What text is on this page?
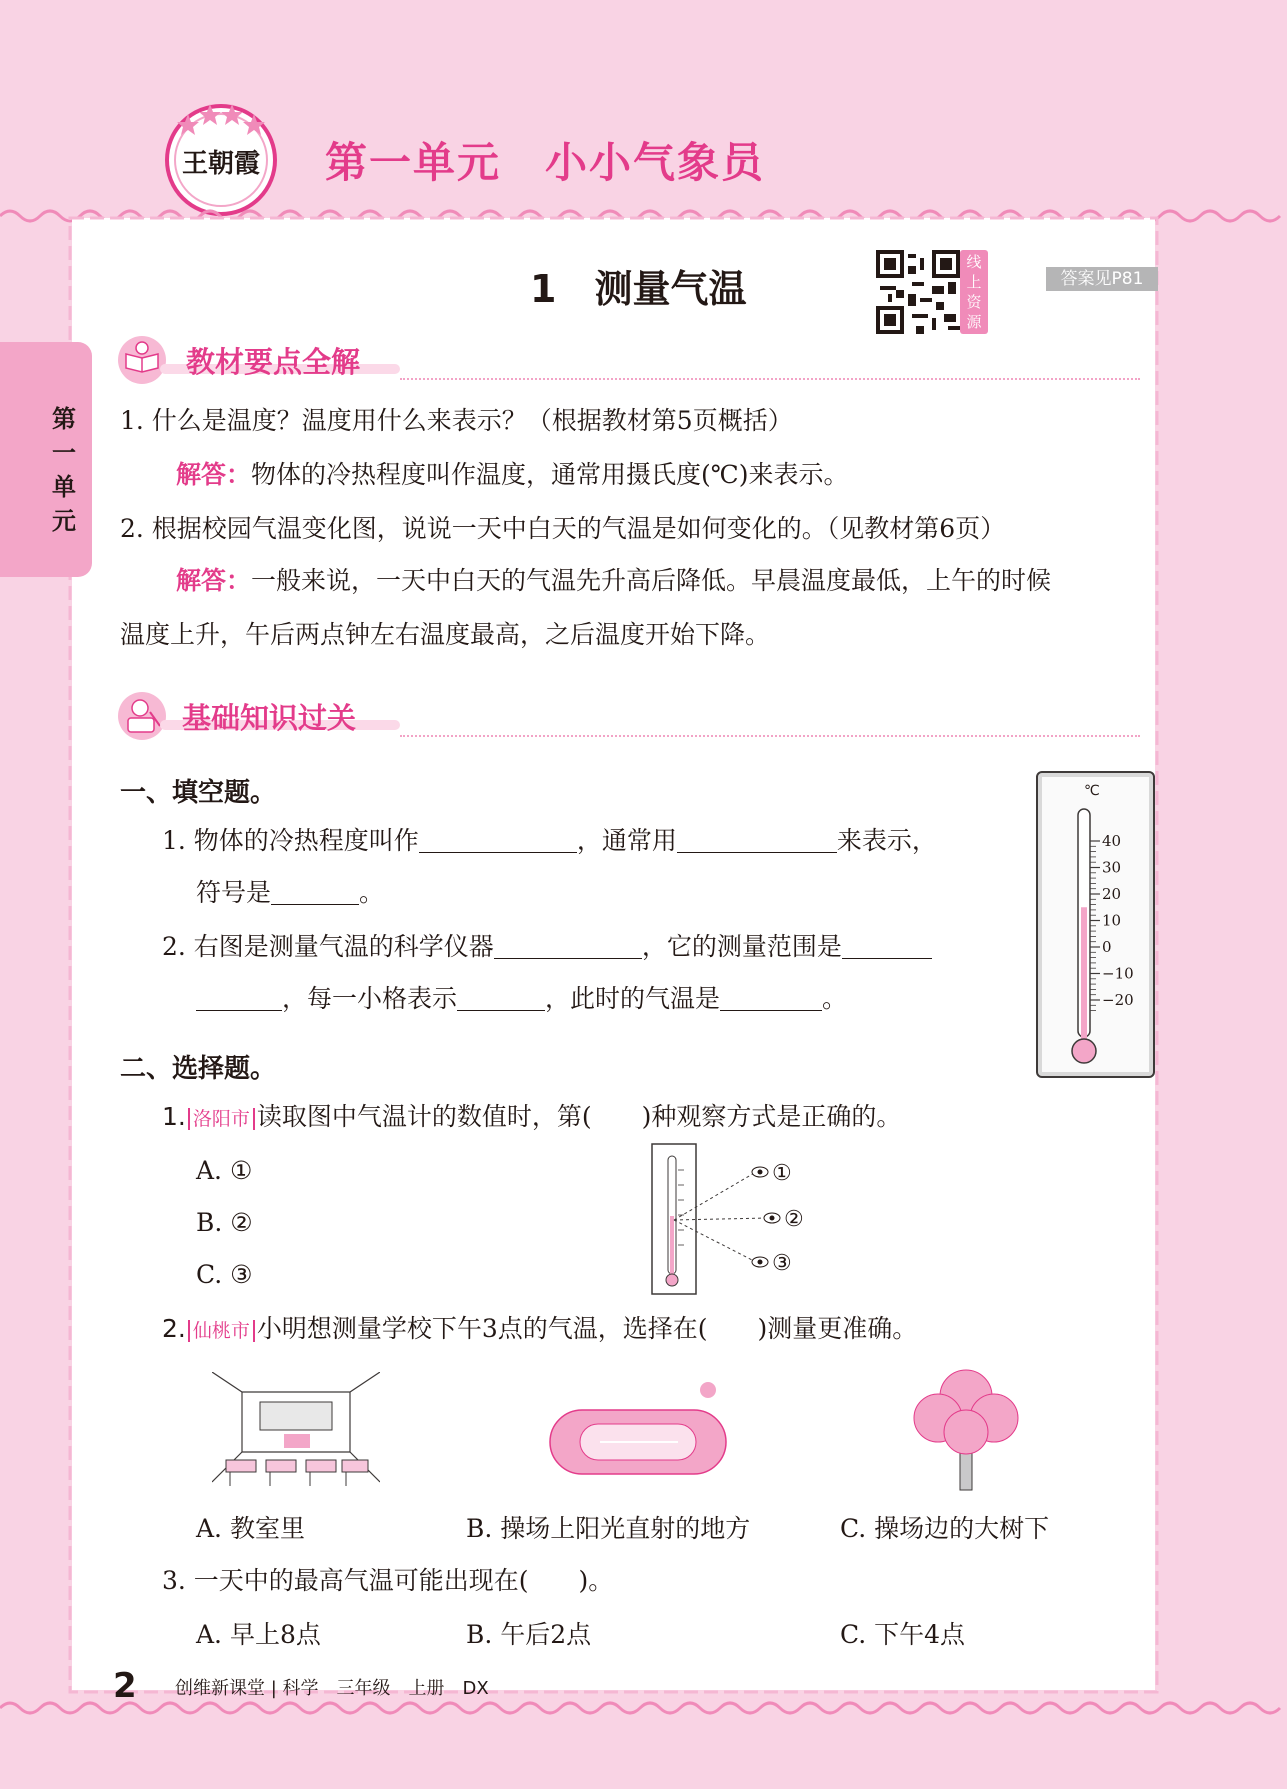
王朝霞 第一单元　小小气象员
第一单元
1　测量气温
线上资源
答案见P81
教材要点全解
1. 什么是温度？温度用什么来表示？（根据教材第5页概括）
解答：物体的冷热程度叫作温度，通常用摄氏度(℃)来表示。
2. 根据校园气温变化图，说说一天中白天的气温是如何变化的。（见教材第6页）
解答：一般来说，一天中白天的气温先升高后降低。早晨温度最低，上午的时候
温度上升，午后两点钟左右温度最高，之后温度开始下降。
基础知识过关
一、填空题。
1. 物体的冷热程度叫作	，通常用	来表示，
符号是	。
2. 右图是测量气温的科学仪器	，它的测量范围是
，每一小格表示	，此时的气温是	。
℃
40
30
20
10
0
−10
−20
二、选择题。
1. 洛阳市 读取图中气温计的数值时，第(　　)种观察方式是正确的。
A. ①
B. ②
C. ③
①
②
③
2. 仙桃市 小明想测量学校下午3点的气温，选择在(　　)测量更准确。
A. 教室里	B. 操场上阳光直射的地方	C. 操场边的大树下
3. 一天中的最高气温可能出现在(　　)。
A. 早上8点	B. 午后2点	C. 下午4点
2 创维新课堂 | 科学　三年级　上册　DX
